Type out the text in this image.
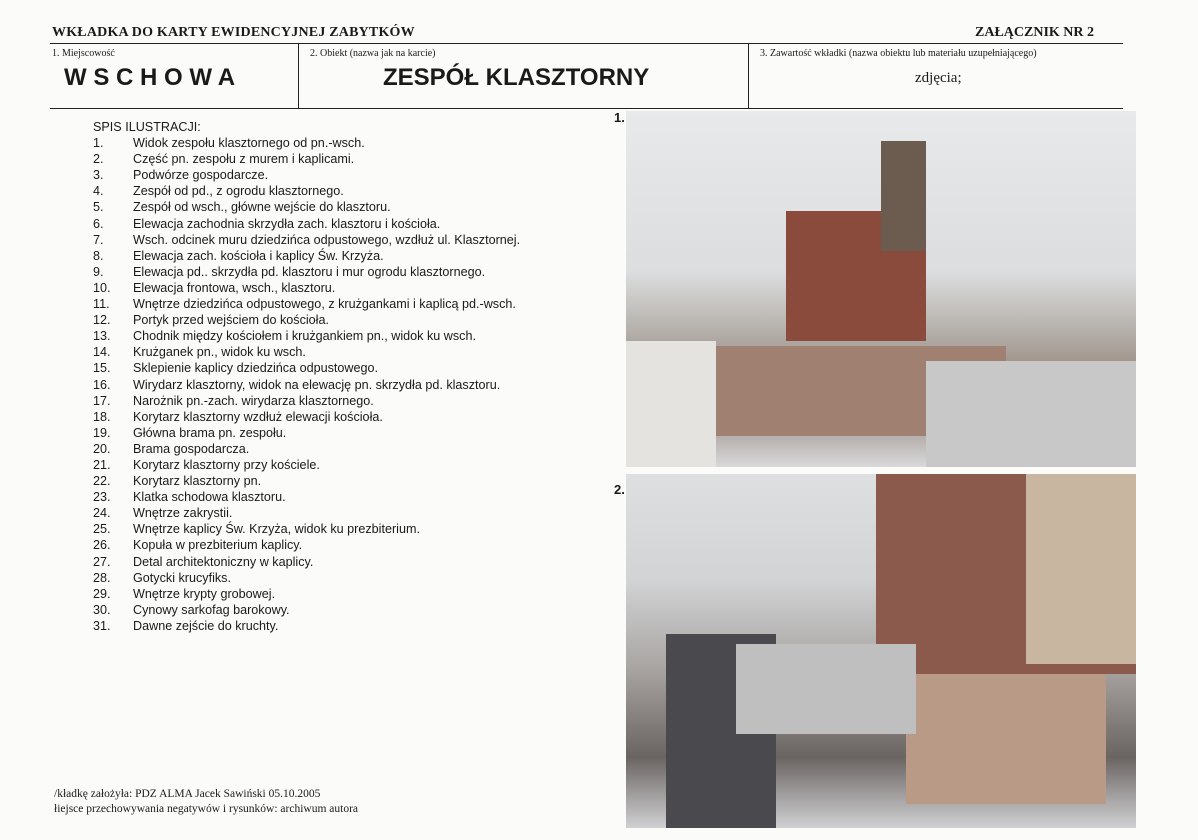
WKŁADKA DO KARTY EWIDENCYJNEJ ZABYTKÓW	ZAŁĄCZNIK NR 2
1. Miejscowość
W S C H O W A
2. Obiekt (nazwa jak na karcie)
ZESPÓŁ KLASZTORNY
3. Zawartość wkładki (nazwa obiektu lub materiału uzupełniającego)
zdjęcia;
SPIS ILUSTRACJI:
1.	Widok zespołu klasztornego od pn.-wsch.
2.	Część pn. zespołu z murem i kaplicami.
3.	Podwórze gospodarcze.
4.	Zespół od pd., z ogrodu klasztornego.
5.	Zespół od wsch., główne wejście do klasztoru.
6.	Elewacja zachodnia skrzydła zach. klasztoru i kościoła.
7.	Wsch. odcinek muru dziedzińca odpustowego, wzdłuż ul. Klasztornej.
8.	Elewacja zach. kościoła i kaplicy Św. Krzyża.
9.	Elewacja pd.. skrzydła pd. klasztoru i mur ogrodu klasztornego.
10.	Elewacja frontowa, wsch., klasztoru.
11.	Wnętrze dziedzińca odpustowego, z krużgankami i kaplicą pd.-wsch.
12.	Portyk przed wejściem do kościoła.
13.	Chodnik między kościołem i krużgankiem pn., widok ku wsch.
14.	Krużganek pn., widok ku wsch.
15.	Sklepienie kaplicy dziedzińca odpustowego.
16.	Wirydarz klasztorny, widok na elewację pn. skrzydła pd. klasztoru.
17.	Narożnik pn.-zach. wirydarza klasztornego.
18.	Korytarz klasztorny wzdłuż elewacji kościoła.
19.	Główna brama pn. zespołu.
20.	Brama gospodarcza.
21.	Korytarz klasztorny przy kościele.
22.	Korytarz klasztorny pn.
23.	Klatka schodowa klasztoru.
24.	Wnętrze zakrystii.
25.	Wnętrze kaplicy Św. Krzyża, widok ku prezbiterium.
26.	Kopuła w prezbiterium kaplicy.
27.	Detal architektoniczny w kaplicy.
28.	Gotycki krucyfiks.
29.	Wnętrze krypty grobowej.
30.	Cynowy sarkofag barokowy.
31.	Dawne zejście do kruchty.
1.
2.
/kładkę założyła: PDZ ALMA Jacek Sawiński 05.10.2005
łiejsce przechowywania negatywów i rysunków: archiwum autora
